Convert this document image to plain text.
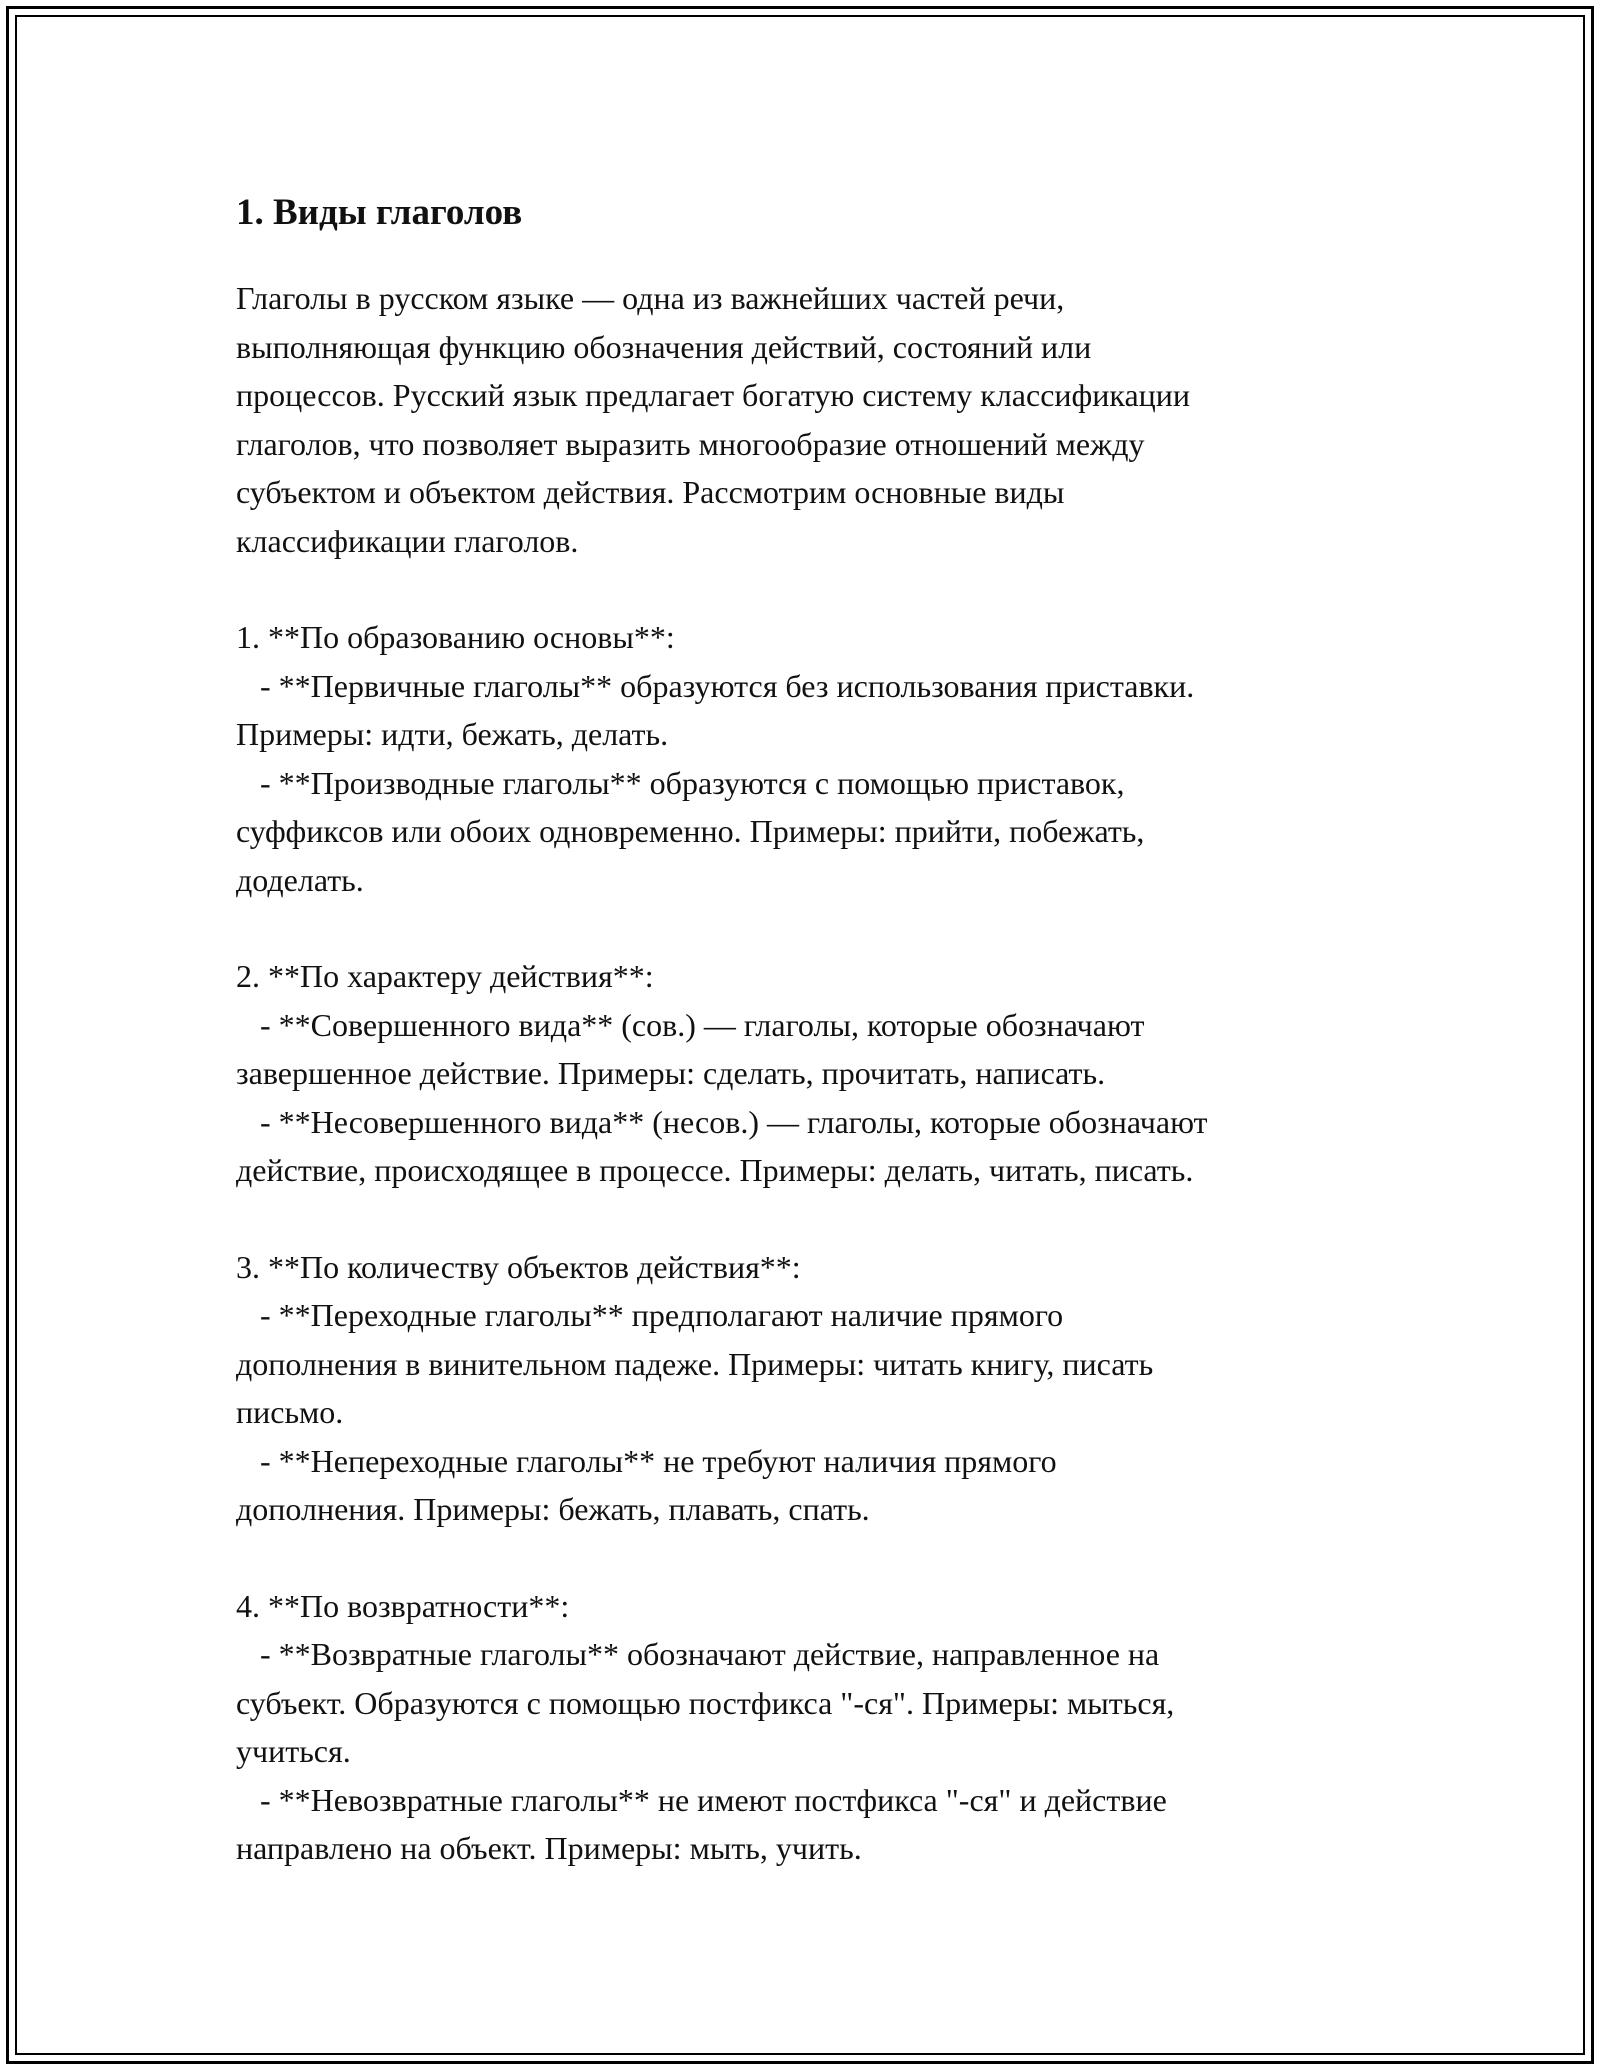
1. Виды глаголов

Глаголы в русском языке — одна из важнейших частей речи,
выполняющая функцию обозначения действий, состояний или
процессов. Русский язык предлагает богатую систему классификации
глаголов, что позволяет выразить многообразие отношений между
субъектом и объектом действия. Рассмотрим основные виды
классификации глаголов.

1. **По образованию основы**:
- **Первичные глаголы** образуются без использования приставки.
Примеры: идти, бежать, делать.
- **Производные глаголы** образуются с помощью приставок,
суффиксов или обоих одновременно. Примеры: прийти, побежать,
доделать.

2. **По характеру действия**:
- **Совершенного вида** (сов.) — глаголы, которые обозначают
завершенное действие. Примеры: сделать, прочитать, написать.
- **Несовершенного вида** (несов.) — глаголы, которые обозначают
действие, происходящее в процессе. Примеры: делать, читать, писать.

3. **По количеству объектов действия**:
- **Переходные глаголы** предполагают наличие прямого
дополнения в винительном падеже. Примеры: читать книгу, писать
письмо.
- **Непереходные глаголы** не требуют наличия прямого
дополнения. Примеры: бежать, плавать, спать.

4. **По возвратности**:
- **Возвратные глаголы** обозначают действие, направленное на
субъект. Образуются с помощью постфикса "-ся". Примеры: мыться,
учиться.
- **Невозвратные глаголы** не имеют постфикса "-ся" и действие
направлено на объект. Примеры: мыть, учить.
